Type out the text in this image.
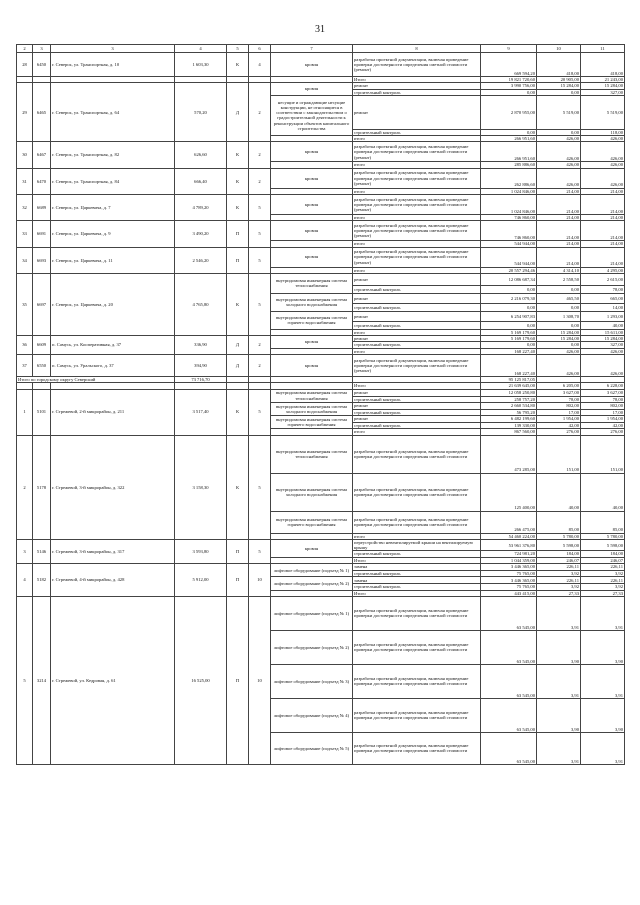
31
2	3	3	4	5	6	7	8	9	10	11
28	6450	г. Северск, ул. Транспортная, д. 10	1 603,30	К	4	кровля	разработка проектной документации, включая проведение проверки достоверности определения сметной стоимости (ремонт)	669 594,20	418,00	418,00
							Итого	19 821 720,60	20 905,00	21 243,00
29	6465	г. Северск, ул. Транспортная, д. 64	570,20	Д	2	кровля	ремонт	3 990 756,00	15 284,00	15 284,00
							строительный контроль	0,00	0,00	327,00
						несущие и ограждающие несущие конструкции, не относящиеся в соответствии с законодательством о градостроительной деятельности к реконструкции объектов капитального строительства	ремонт	2 870 955,00	5 519,00	5 519,00
							строительный контроль	0,00	0,00	118,00
							итого	266 951,60	426,00	426,00
30	6467	г. Северск, ул. Транспортная, д. 82	626,60	К	2	кровля	разработка проектной документации, включая проведение проверки достоверности определения сметной стоимости (ремонт)	266 951,60	426,00	426,00
							итого	285 886,60	426,00	426,00
31	6470	г. Северск, ул. Транспортная, д. 84	666,40	К	2	кровля	разработка проектной документации, включая проведение проверки достоверности определения сметной стоимости (ремонт)	262 886,60	426,00	426,00
							итого	1 024 846,00	214,00	214,00
32	6689	г. Северск, ул. Царкевича, д. 7	4 789,20	К	5	кровля	разработка проектной документации, включая проведение проверки достоверности определения сметной стоимости (ремонт)	1 024 846,00	214,00	214,00
							итого	746 860,00	214,00	214,00
33	6691	г. Северск, ул. Царкевича, д. 9	3 490,20	П	5	кровля	разработка проектной документации, включая проведение проверки достоверности определения сметной стоимости (ремонт)	746 860,00	214,00	214,00
							итого	544 944,00	214,00	214,00
34	6693	г. Северск, ул. Царкевича, д. 11	2 546,20	П	5	кровля	разработка проектной документации, включая проведение проверки достоверности определения сметной стоимости (ремонт)	544 944,00	214,00	214,00
							итого	20 557 294,46	4 314,10	4 295,00
35	6697	г. Северск, ул. Царкевича, д. 20	4 765,80	К	5	внутридомовая инженерная система теплоснабжения	ремонт	12 086 687,34	2 558,50	2 615,00
							строительный контроль	0,00	0,00	78,00
						внутридомовая инженерная система холодного водоснабжения	ремонт	2 216 079,30	465,50	665,00
							строительный контроль	0,00	0,00	14,00
						внутридомовая инженерная система горячего водоснабжения	ремонт	6 254 907,83	1 308,70	1 293,00
							строительный контроль	0,00	0,00	40,00
							итого	5 169 179,60	15 284,00	15 611,00
36	6609	п. Самусь, ул. Кооперативная, д. 37	336,90	Д	2	кровля	ремонт	5 169 179,60	15 284,00	15 284,00
							строительный контроль	0,00	0,00	327,00
							итого	168 227,40	426,00	426,00
37	6550	п. Самусь, ул. Уральского, д. 37	394,90	Д	2	кровля	разработка проектной документации, включая проведение проверки достоверности определения сметной стоимости (ремонт)	168 227,40	426,00	426,00
Итого по городскому округу Северский			73 716,70					95 125 817,05		
							Итого	21 639 645,00	6 205,00	6 228,00
1	5101	г. Стрежевой, 2-й микрорайон, д. 211	3 517,40	К	5	внутридомовая инженерная система теплоснабжения	ремонт	12 058 250,80	3 627,00	3 627,00
							строительный контроль	258 757,20	78,00	78,00
						внутридомовая инженерная система холодного водоснабжения	ремонт	2 660 534,80	802,00	802,00
							строительный контроль	56 795,20	17,00	17,00
						внутридомовая инженерная система горячего водоснабжения	ремонт	6 482 199,60	1 954,00	1 954,00
							строительный контроль	139 330,00	42,00	42,00
							итого	867 560,00	276,00	276,00
2	5178	г. Стрежевой, 3-й микрорайон, д. 322	3 158,30	К	5	внутридомовая инженерная система теплоснабжения	разработка проектной документации, включая проведение проверки достоверности определения сметной стоимости	473 285,00	151,00	151,00
						внутридомовая инженерная система холодного водоснабжения	разработка проектной документации, включая проведение проверки достоверности определения сметной стоимости	125 400,00	40,00	40,00
						внутридомовая инженерная система горячего водоснабжения	разработка проектной документации, включая проведение проверки достоверности определения сметной стоимости	266 475,00	85,00	85,00
							итого	54 460 224,00	5 780,00	5 780,00
3	5146	г. Стрежевой, 3-й микрорайон, д. 317	3 593,80	П	5	кровля	переустройство невентилируемой крыши на вентилируемую крышу	53 961 376,80	5 598,00	5 598,00
							строительный контроль	724 981,20	184,00	184,00
							Итого	1 044 359,00	246,07	246,07
4	5182	г. Стрежевой, 4-й микрорайон, д. 428	5 912,00	П	10	лифтовое оборудование (подъезд № 1)	замена	3 446 365,00	226,11	226,11
							строительный контроль	75 765,00	3,92	3,92
						лифтовое оборудование (подъезд № 2)	замена	3 446 365,00	226,11	226,11
							строительный контроль	75 765,00	3,92	3,92
							Итого	443 415,00	27,33	27,33
5	3214	г. Стрежевой, ул. Кедровая, д. 61	16 525,00	П	10	лифтовое оборудование (подъезд № 1)	разработка проектной документации, включая проведение проверки достоверности определения сметной стоимости	63 545,00	3,91	3,91
						лифтовое оборудование (подъезд № 2)	разработка проектной документации, включая проведение проверки достоверности определения сметной стоимости	63 545,00	3,90	3,90
						лифтовое оборудование (подъезд № 3)	разработка проектной документации, включая проведение проверки достоверности определения сметной стоимости	63 545,00	3,91	3,91
						лифтовое оборудование (подъезд № 4)	разработка проектной документации, включая проведение проверки достоверности определения сметной стоимости	63 545,00	3,90	3,90
						лифтовое оборудование (подъезд № 5)	разработка проектной документации, включая проведение проверки достоверности определения сметной стоимости	63 545,00	3,91	3,91
